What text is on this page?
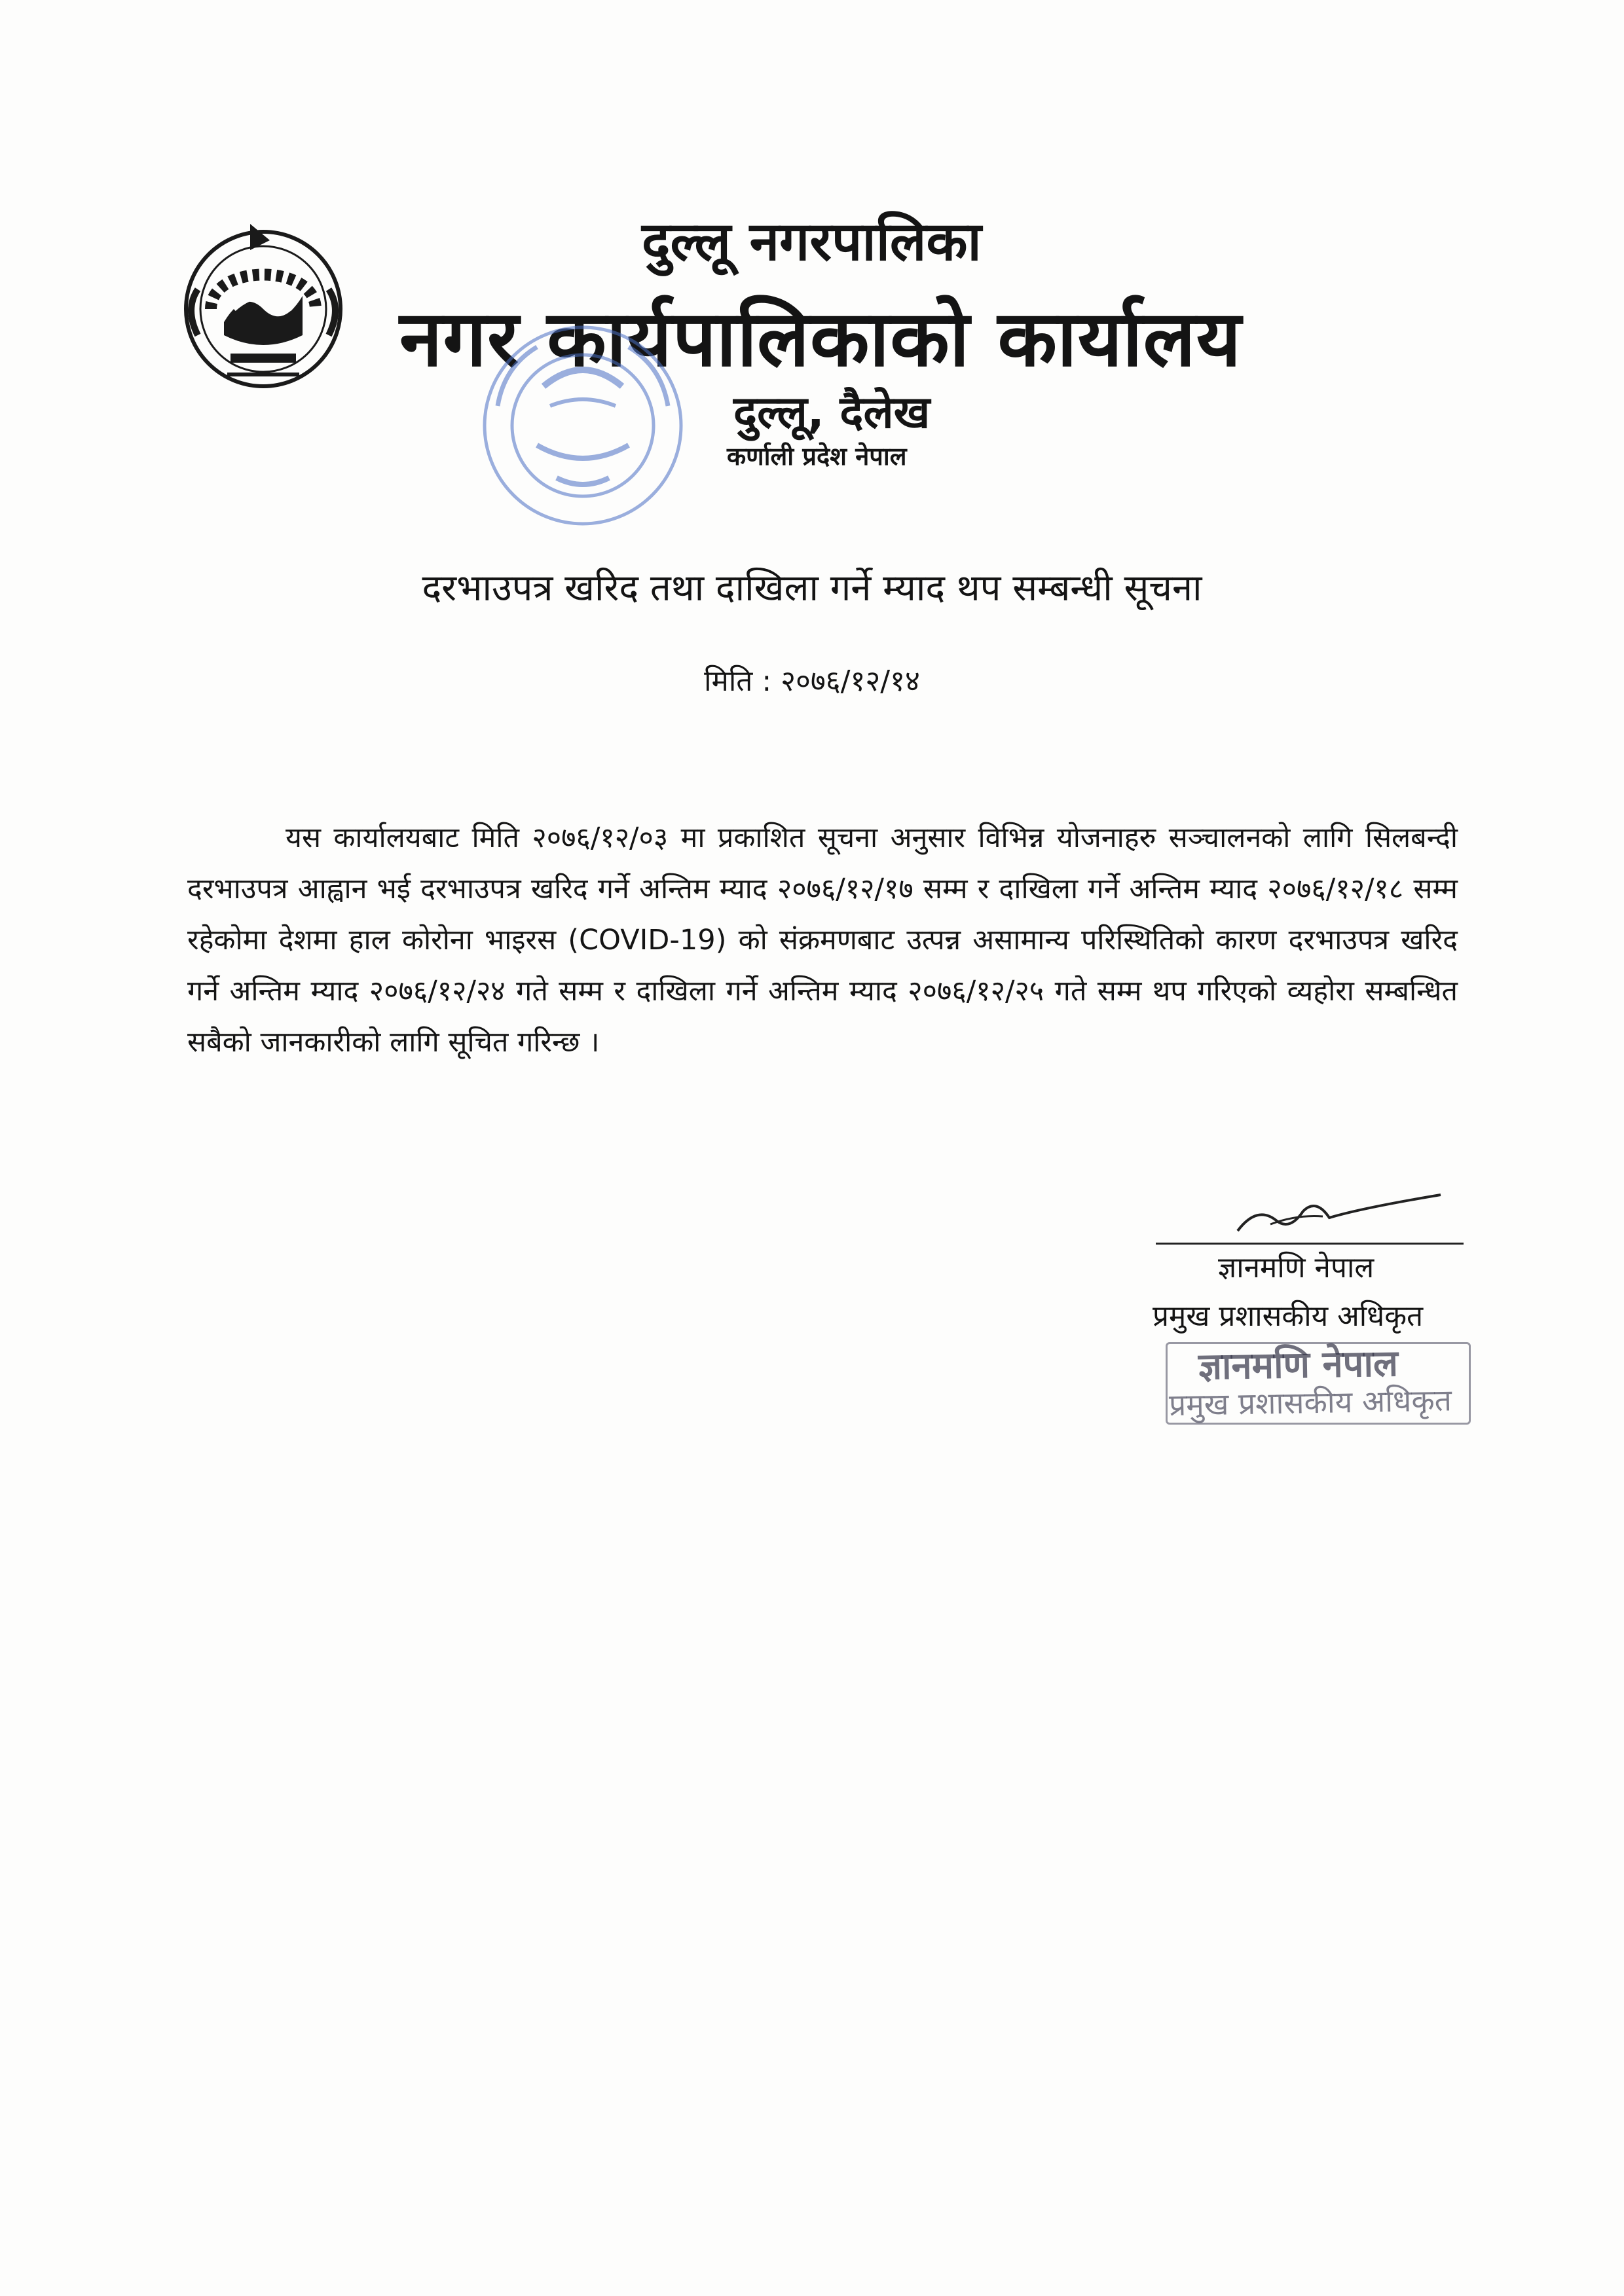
दुल्लू नगरपालिका
नगर कार्यपालिकाको कार्यालय
दुल्लू, दैलेख
कर्णाली प्रदेश नेपाल
दरभाउपत्र खरिद तथा दाखिला गर्ने म्याद थप सम्बन्धी सूचना
मिति : २०७६/१२/१४

यस कार्यालयबाट मिति २०७६/१२/०३ मा प्रकाशित सूचना अनुसार विभिन्न योजनाहरु सञ्चालनको लागि सिलबन्दी दरभाउपत्र आह्वान भई दरभाउपत्र खरिद गर्ने अन्तिम म्याद २०७६/१२/१७ सम्म र दाखिला गर्ने अन्तिम म्याद २०७६/१२/१८ सम्म रहेकोमा देशमा हाल कोरोना भाइरस (COVID-19) को संक्रमणबाट उत्पन्न असामान्य परिस्थितिको कारण दरभाउपत्र खरिद गर्ने अन्तिम म्याद २०७६/१२/२४ गते सम्म र दाखिला गर्ने अन्तिम म्याद २०७६/१२/२५ गते सम्म थप गरिएको व्यहोरा सम्बन्धित सबैको जानकारीको लागि सूचित गरिन्छ ।

ज्ञानमणि नेपाल
प्रमुख प्रशासकीय अधिकृत
ज्ञानमणि नेपाल
प्रमुख प्रशासकीय अधिकृत
